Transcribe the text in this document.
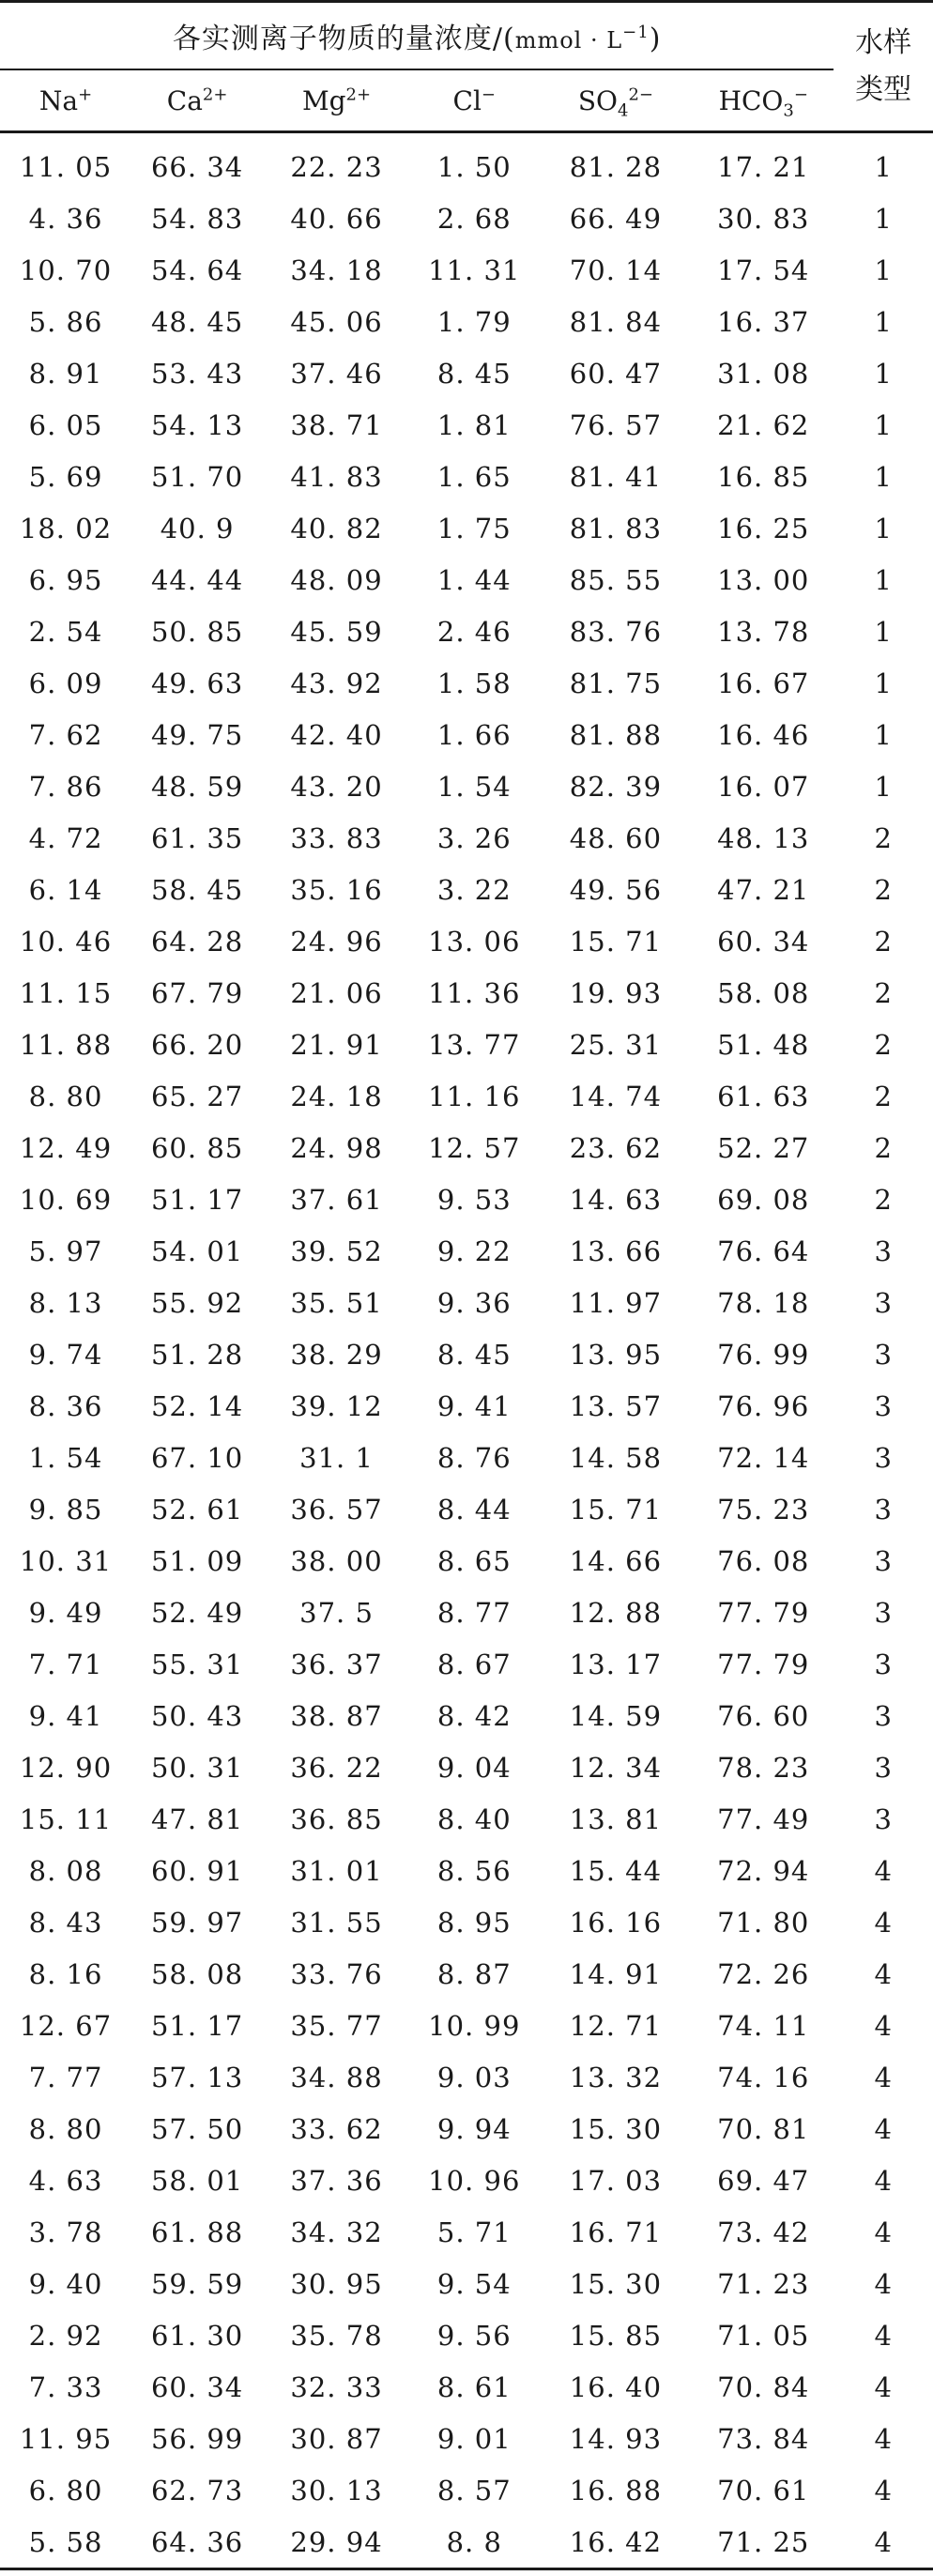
各实测离子物质的量浓度/(mmol · $L^{-1}$)						水样
类型

Na+	$Ca^{2+}$	$Mg^{2+}$	Cl−	$SO_4^{2-}$	$HCO_3^-$
11. 05	66. 34	22. 23	1. 50	81. 28	17. 21	1
4. 36	54. 83	40. 66	2. 68	66. 49	30. 83	1
10. 70	54. 64	34. 18	11. 31	70. 14	17. 54	1
5. 86	48. 45	45. 06	1. 79	81. 84	16. 37	1
8. 91	53. 43	37. 46	8. 45	60. 47	31. 08	1
6. 05	54. 13	38. 71	1. 81	76. 57	21. 62	1
5. 69	51. 70	41. 83	1. 65	81. 41	16. 85	1
18. 02	40. 9	40. 82	1. 75	81. 83	16. 25	1
6. 95	44. 44	48. 09	1. 44	85. 55	13. 00	1
2. 54	50. 85	45. 59	2. 46	83. 76	13. 78	1
6. 09	49. 63	43. 92	1. 58	81. 75	16. 67	1
7. 62	49. 75	42. 40	1. 66	81. 88	16. 46	1
7. 86	48. 59	43. 20	1. 54	82. 39	16. 07	1
4. 72	61. 35	33. 83	3. 26	48. 60	48. 13	2
6. 14	58. 45	35. 16	3. 22	49. 56	47. 21	2
10. 46	64. 28	24. 96	13. 06	15. 71	60. 34	2
11. 15	67. 79	21. 06	11. 36	19. 93	58. 08	2
11. 88	66. 20	21. 91	13. 77	25. 31	51. 48	2
8. 80	65. 27	24. 18	11. 16	14. 74	61. 63	2
12. 49	60. 85	24. 98	12. 57	23. 62	52. 27	2
10. 69	51. 17	37. 61	9. 53	14. 63	69. 08	2
5. 97	54. 01	39. 52	9. 22	13. 66	76. 64	3
8. 13	55. 92	35. 51	9. 36	11. 97	78. 18	3
9. 74	51. 28	38. 29	8. 45	13. 95	76. 99	3
8. 36	52. 14	39. 12	9. 41	13. 57	76. 96	3
1. 54	67. 10	31. 1	8. 76	14. 58	72. 14	3
9. 85	52. 61	36. 57	8. 44	15. 71	75. 23	3
10. 31	51. 09	38. 00	8. 65	14. 66	76. 08	3
9. 49	52. 49	37. 5	8. 77	12. 88	77. 79	3
7. 71	55. 31	36. 37	8. 67	13. 17	77. 79	3
9. 41	50. 43	38. 87	8. 42	14. 59	76. 60	3
12. 90	50. 31	36. 22	9. 04	12. 34	78. 23	3
15. 11	47. 81	36. 85	8. 40	13. 81	77. 49	3
8. 08	60. 91	31. 01	8. 56	15. 44	72. 94	4
8. 43	59. 97	31. 55	8. 95	16. 16	71. 80	4
8. 16	58. 08	33. 76	8. 87	14. 91	72. 26	4
12. 67	51. 17	35. 77	10. 99	12. 71	74. 11	4
7. 77	57. 13	34. 88	9. 03	13. 32	74. 16	4
8. 80	57. 50	33. 62	9. 94	15. 30	70. 81	4
4. 63	58. 01	37. 36	10. 96	17. 03	69. 47	4
3. 78	61. 88	34. 32	5. 71	16. 71	73. 42	4
9. 40	59. 59	30. 95	9. 54	15. 30	71. 23	4
2. 92	61. 30	35. 78	9. 56	15. 85	71. 05	4
7. 33	60. 34	32. 33	8. 61	16. 40	70. 84	4
11. 95	56. 99	30. 87	9. 01	14. 93	73. 84	4
6. 80	62. 73	30. 13	8. 57	16. 88	70. 61	4
5. 58	64. 36	29. 94	8. 8	16. 42	71. 25	4
